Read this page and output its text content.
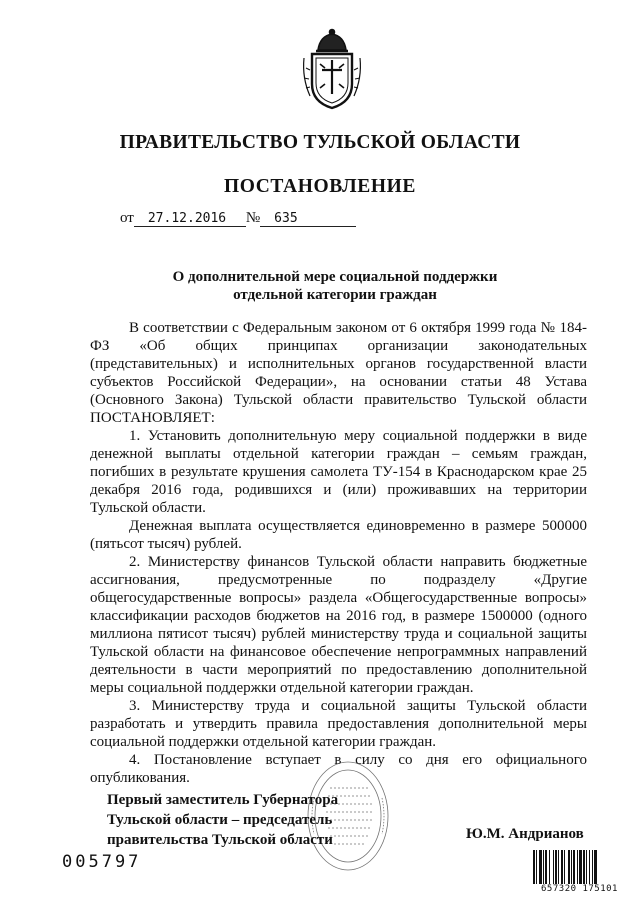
ПРАВИТЕЛЬСТВО ТУЛЬСКОЙ ОБЛАСТИ
ПОСТАНОВЛЕНИЕ
от 27.12.2016 № 635
О дополнительной мере социальной поддержки
отдельной категории граждан

В соответствии с Федеральным законом от 6 октября 1999 года № 184-ФЗ «Об общих принципах организации законодательных (представительных) и исполнительных органов государственной власти субъектов Российской Федерации», на основании статьи 48 Устава (Основного Закона) Тульской области правительство Тульской области ПОСТАНОВЛЯЕТ:

1. Установить дополнительную меру социальной поддержки в виде денежной выплаты отдельной категории граждан – семьям граждан, погибших в результате крушения самолета ТУ-154 в Краснодарском крае 25 декабря 2016 года, родившихся и (или) проживавших на территории Тульской области.

Денежная выплата осуществляется единовременно в размере 500000 (пятьсот тысяч) рублей.

2. Министерству финансов Тульской области направить бюджетные ассигнования, предусмотренные по подразделу «Другие общегосударственные вопросы» раздела «Общегосударственные вопросы» классификации расходов бюджетов на 2016 год, в размере 1500000 (одного миллиона пятисот тысяч) рублей министерству труда и социальной защиты Тульской области на финансовое обеспечение непрограммных направлений деятельности в части мероприятий по предоставлению дополнительной меры социальной поддержки отдельной категории граждан.

3. Министерству труда и социальной защиты Тульской области разработать и утвердить правила предоставления дополнительной меры социальной поддержки отдельной категории граждан.

4. Постановление вступает в силу со дня его официального опубликования.

Первый заместитель Губернатора
Тульской области – председатель
правительства Тульской области	Ю.М. Андрианов
005797
657320 175101
